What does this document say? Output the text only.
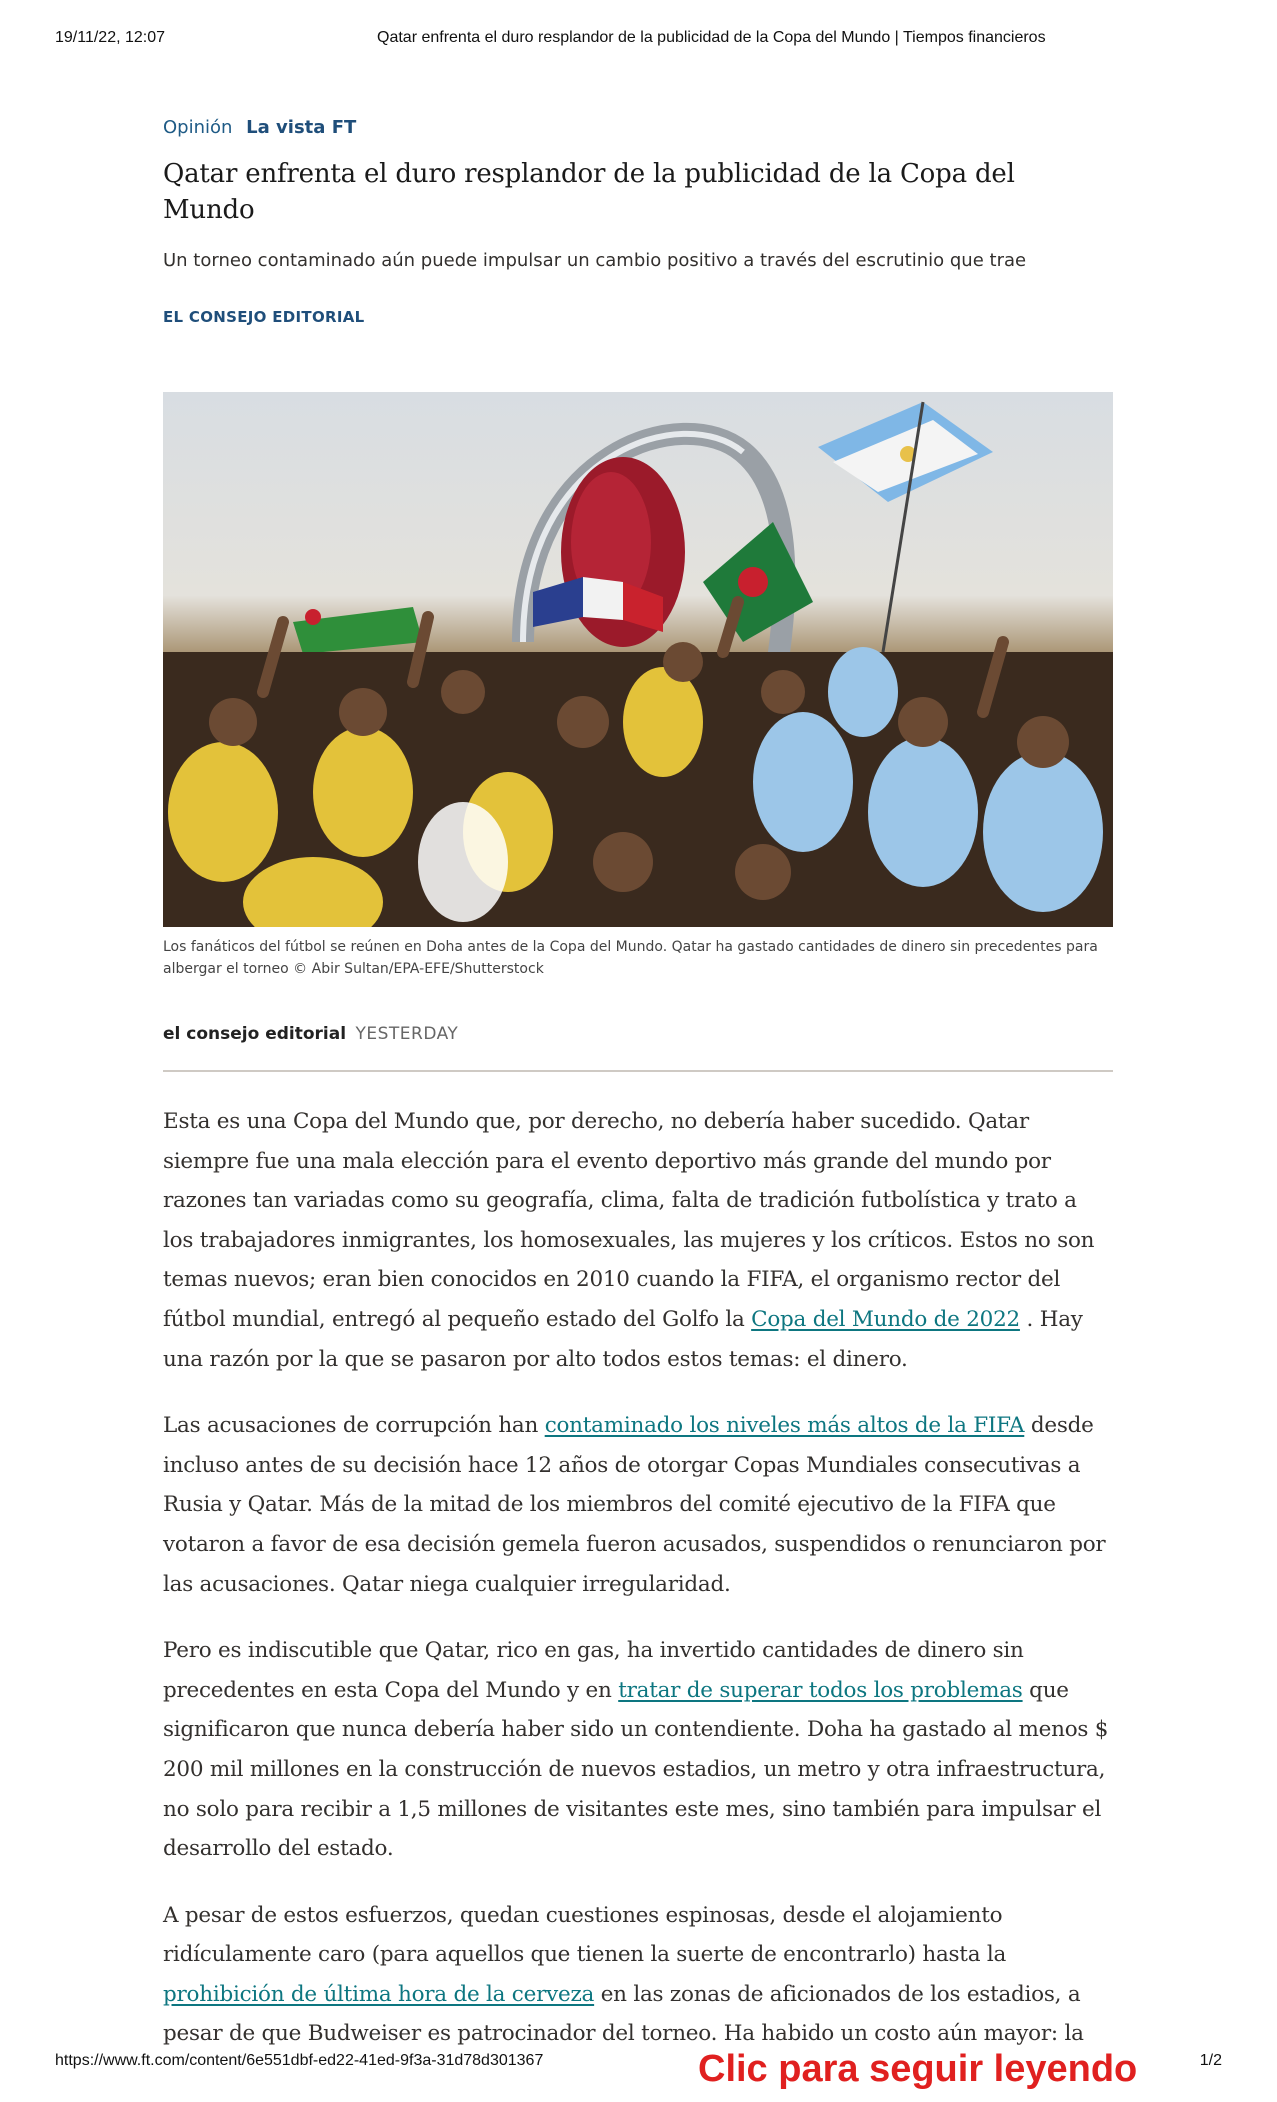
19/11/22, 12:07	Qatar enfrenta el duro resplandor de la publicidad de la Copa del Mundo | Tiempos financieros
Opinión La vista FT
Qatar enfrenta el duro resplandor de la publicidad de la Copa del Mundo

Un torneo contaminado aún puede impulsar un cambio positivo a través del escrutinio que trae

EL CONSEJO EDITORIAL

Los fanáticos del fútbol se reúnen en Doha antes de la Copa del Mundo. Qatar ha gastado cantidades de dinero sin precedentes para albergar el torneo © Abir Sultan/EPA-EFE/Shutterstock

el consejo editorial YESTERDAY

Esta es una Copa del Mundo que, por derecho, no debería haber sucedido. Qatar siempre fue una mala elección para el evento deportivo más grande del mundo por razones tan variadas como su geografía, clima, falta de tradición futbolística y trato a los trabajadores inmigrantes, los homosexuales, las mujeres y los críticos. Estos no son temas nuevos; eran bien conocidos en 2010 cuando la FIFA, el organismo rector del fútbol mundial, entregó al pequeño estado del Golfo la Copa del Mundo de 2022 . Hay una razón por la que se pasaron por alto todos estos temas: el dinero.

Las acusaciones de corrupción han contaminado los niveles más altos de la FIFA desde incluso antes de su decisión hace 12 años de otorgar Copas Mundiales consecutivas a Rusia y Qatar. Más de la mitad de los miembros del comité ejecutivo de la FIFA que votaron a favor de esa decisión gemela fueron acusados, suspendidos o renunciaron por las acusaciones. Qatar niega cualquier irregularidad.

Pero es indiscutible que Qatar, rico en gas, ha invertido cantidades de dinero sin precedentes en esta Copa del Mundo y en tratar de superar todos los problemas que significaron que nunca debería haber sido un contendiente. Doha ha gastado al menos $ 200 mil millones en la construcción de nuevos estadios, un metro y otra infraestructura, no solo para recibir a 1,5 millones de visitantes este mes, sino también para impulsar el desarrollo del estado.

A pesar de estos esfuerzos, quedan cuestiones espinosas, desde el alojamiento ridículamente caro (para aquellos que tienen la suerte de encontrarlo) hasta la prohibición de última hora de la cerveza en las zonas de aficionados de los estadios, a pesar de que Budweiser es patrocinador del torneo. Ha habido un costo aún mayor: la

https://www.ft.com/content/6e551dbf-ed22-41ed-9f3a-31d78d301367	Clic para seguir leyendo	1/2
